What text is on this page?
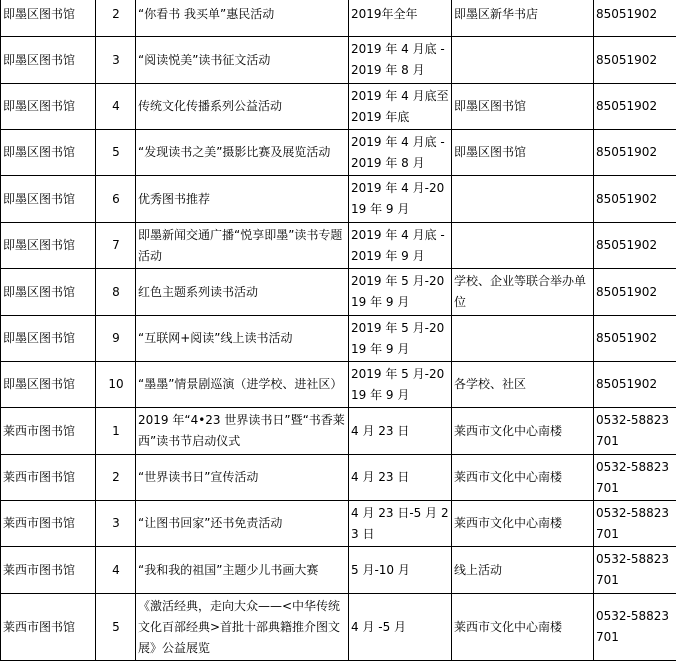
即墨区图书馆	2	“你看书 我买单”惠民活动	2019年全年	即墨区新华书店	85051902
即墨区图书馆	3	“阅读悦美”读书征文活动	2019 年 4 月底 -2019 年 8 月		85051902
即墨区图书馆	4	传统文化传播系列公益活动	2019 年 4 月底至 2019 年底	即墨区图书馆	85051902
即墨区图书馆	5	“发现读书之美”摄影比赛及展览活动	2019 年 4 月底 -2019 年 8 月	即墨区图书馆	85051902
即墨区图书馆	6	优秀图书推荐	2019 年 4 月-2019 年 9 月		85051902
即墨区图书馆	7	即墨新闻交通广播“悦享即墨”读书专题活动	2019 年 4 月底 -2019 年 9 月		85051902
即墨区图书馆	8	红色主题系列读书活动	2019 年 5 月-2019 年 9 月	学校、企业等联合举办单位	85051902
即墨区图书馆	9	“互联网+阅读”线上读书活动	2019 年 5 月-2019 年 9 月		85051902
即墨区图书馆	10	“墨墨”情景剧巡演（进学校、进社区）	2019 年 5 月-2019 年 9 月	各学校、社区	85051902
莱西市图书馆	1	2019 年“4•23 世界读书日”暨“书香莱西”读书节启动仪式	4 月 23 日	莱西市文化中心南楼	0532-58823701
莱西市图书馆	2	“世界读书日”宣传活动	4 月 23 日	莱西市文化中心南楼	0532-58823701
莱西市图书馆	3	“让图书回家”还书免责活动	4 月 23 日-5 月 23 日	莱西市文化中心南楼	0532-58823701
莱西市图书馆	4	“我和我的祖国”主题少儿书画大赛	5 月-10 月	线上活动	0532-58823701
莱西市图书馆	5	《激活经典，走向大众——<中华传统文化百部经典>首批十部典籍推介图文展》公益展览	4 月 -5 月	莱西市文化中心南楼	0532-58823701
